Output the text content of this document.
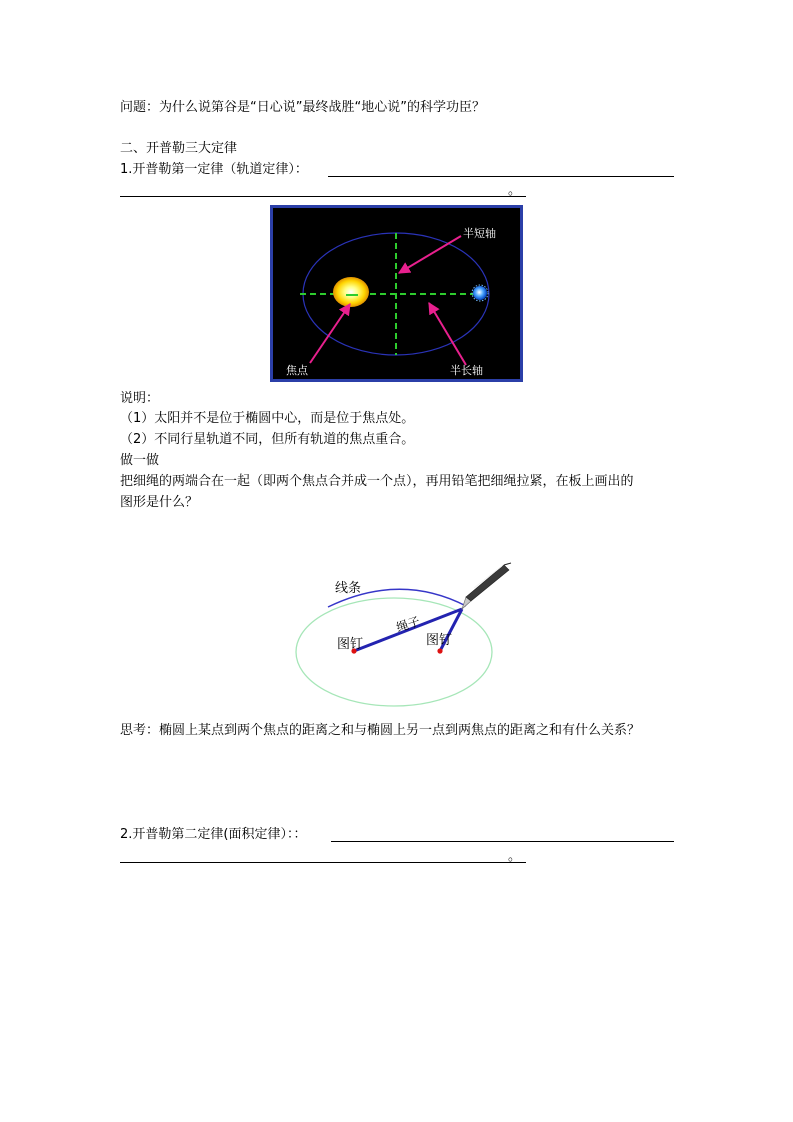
问题：为什么说第谷是“日心说”最终战胜“地心说”的科学功臣？
二、开普勒三大定律
1.开普勒第一定律（轨道定律）：
。
半短轴
焦点	半长轴
说明：
（1）太阳并不是位于椭圆中心，而是位于焦点处。
（2）不同行星轨道不同，但所有轨道的焦点重合。
做一做
把细绳的两端合在一起（即两个焦点合并成一个点），再用铅笔把细绳拉紧，在板上画出的
图形是什么？
线条
图钉
绳子
图钉
思考：椭圆上某点到两个焦点的距离之和与椭圆上另一点到两焦点的距离之和有什么关系？
2.开普勒第二定律(面积定律）：：
。
